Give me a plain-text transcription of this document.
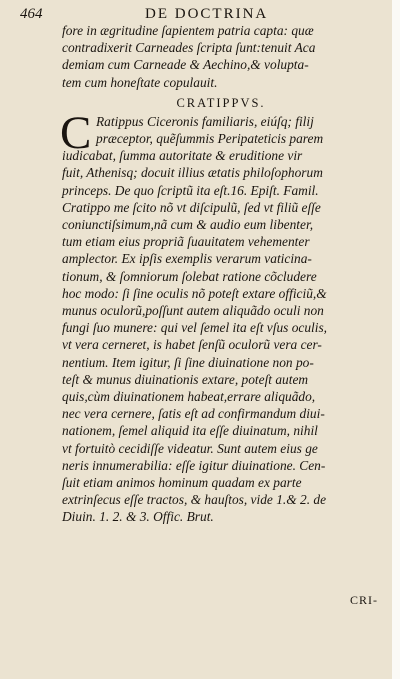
464	DE DOCTRINA
fore in ægritudine ſapientem patria capta: quæ
contradixerit Carneades ſcripta ſunt:tenuit Aca
demiam cum Carneade & Aechino,& volupta-
tem cum honeſtate copulauit.
CRATIPPVS.
C Ratippus Ciceronis familiaris, eiúſq; filij
præceptor, quẽſummis Peripateticis parem
iudicabat, ſumma autoritate & eruditione vir
fuit, Athenisq; docuit illius ætatis philoſophorum
princeps. De quo ſcriptũ ita eſt.16. Epiſt. Famil.
Cratippo me ſcito nõ vt diſcipulũ, ſed vt filiũ eſſe
coniunctiſsimum,nã cum & audio eum libenter,
tum etiam eius propriã ſuauitatem vehementer
amplector. Ex ipſis exemplis verarum vaticina-
tionum, & ſomniorum ſolebat ratione cõcludere
hoc modo: ſi ſine oculis nõ poteſt extare officiũ,&
munus oculorũ,poſſunt autem aliquãdo oculi non
fungi ſuo munere: qui vel ſemel ita eſt vſus oculis,
vt vera cerneret, is habet ſenſũ oculorũ vera cer-
nentium. Item igitur, ſi ſine diuinatione non po-
teſt & munus diuinationis extare, poteſt autem
quis,cùm diuinationem habeat,errare aliquãdo,
nec vera cernere, ſatis eſt ad confirmandum diui-
nationem, ſemel aliquid ita eſſe diuinatum, nihil
vt fortuitò cecidiſſe videatur. Sunt autem eius ge
neris innumerabilia: eſſe igitur diuinatione. Cen-
ſuit etiam animos hominum quadam ex parte
extrinſecus eſſe tractos, & hauſtos, vide 1.& 2. de
Diuin. 1. 2. & 3. Offic. Brut.
CRI-
